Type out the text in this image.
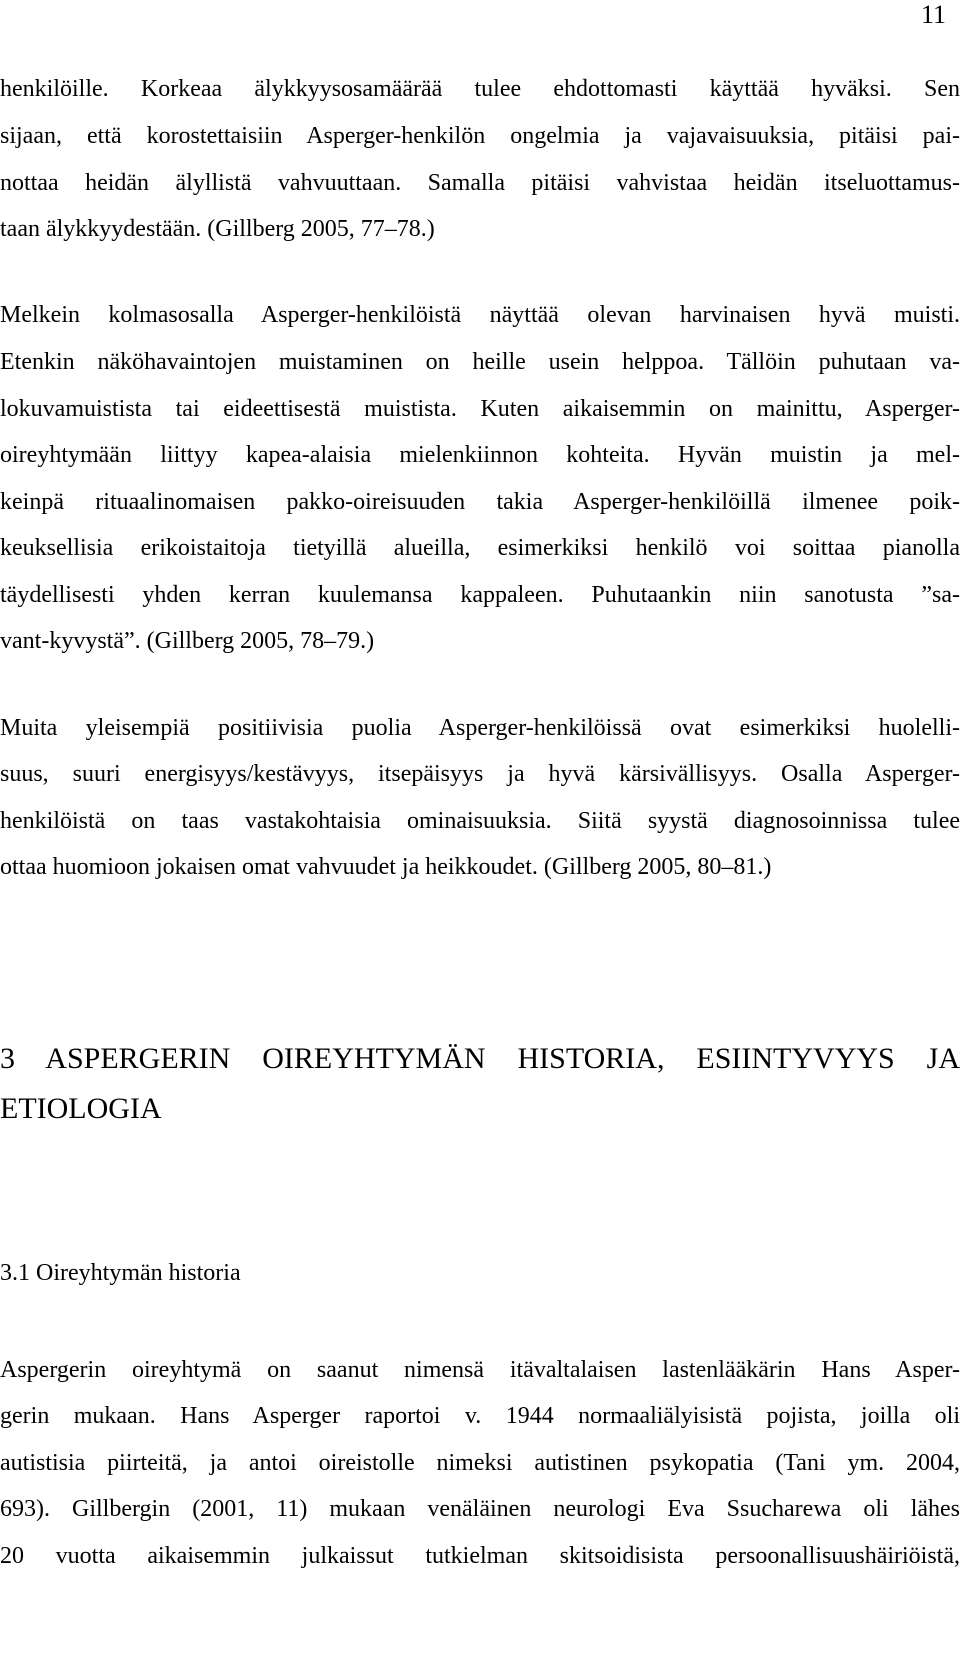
11
henkilöille. Korkeaa älykkyysosamäärää tulee ehdottomasti käyttää hyväksi. Sen
sijaan, että korostettaisiin Asperger-henkilön ongelmia ja vajavaisuuksia, pitäisi pai-
nottaa heidän älyllistä vahvuuttaan. Samalla pitäisi vahvistaa heidän itseluottamus-
taan älykkyydestään. (Gillberg 2005, 77–78.)
Melkein kolmasosalla Asperger-henkilöistä näyttää olevan harvinaisen hyvä muisti.
Etenkin näköhavaintojen muistaminen on heille usein helppoa. Tällöin puhutaan va-
lokuvamuistista tai eideettisestä muistista. Kuten aikaisemmin on mainittu, Asperger-
oireyhtymään liittyy kapea-alaisia mielenkiinnon kohteita. Hyvän muistin ja mel-
keinpä rituaalinomaisen pakko-oireisuuden takia Asperger-henkilöillä ilmenee poik-
keuksellisia erikoistaitoja tietyillä alueilla, esimerkiksi henkilö voi soittaa pianolla
täydellisesti yhden kerran kuulemansa kappaleen. Puhutaankin niin sanotusta ”sa-
vant-kyvystä”. (Gillberg 2005, 78–79.)
Muita yleisempiä positiivisia puolia Asperger-henkilöissä ovat esimerkiksi huolelli-
suus, suuri energisyys/kestävyys, itsepäisyys ja hyvä kärsivällisyys. Osalla Asperger-
henkilöistä on taas vastakohtaisia ominaisuuksia. Siitä syystä diagnosoinnissa tulee
ottaa huomioon jokaisen omat vahvuudet ja heikkoudet. (Gillberg 2005, 80–81.)
3 ASPERGERIN OIREYHTYMÄN HISTORIA, ESIINTYVYYS JA
ETIOLOGIA
3.1 Oireyhtymän historia
Aspergerin oireyhtymä on saanut nimensä itävaltalaisen lastenlääkärin Hans Asper-
gerin mukaan. Hans Asperger raportoi v. 1944 normaaliälyisistä pojista, joilla oli
autistisia piirteitä, ja antoi oireistolle nimeksi autistinen psykopatia (Tani ym. 2004,
693). Gillbergin (2001, 11) mukaan venäläinen neurologi Eva Ssucharewa oli lähes
20 vuotta aikaisemmin julkaissut tutkielman skitsoidisista persoonallisuushäiriöistä,
